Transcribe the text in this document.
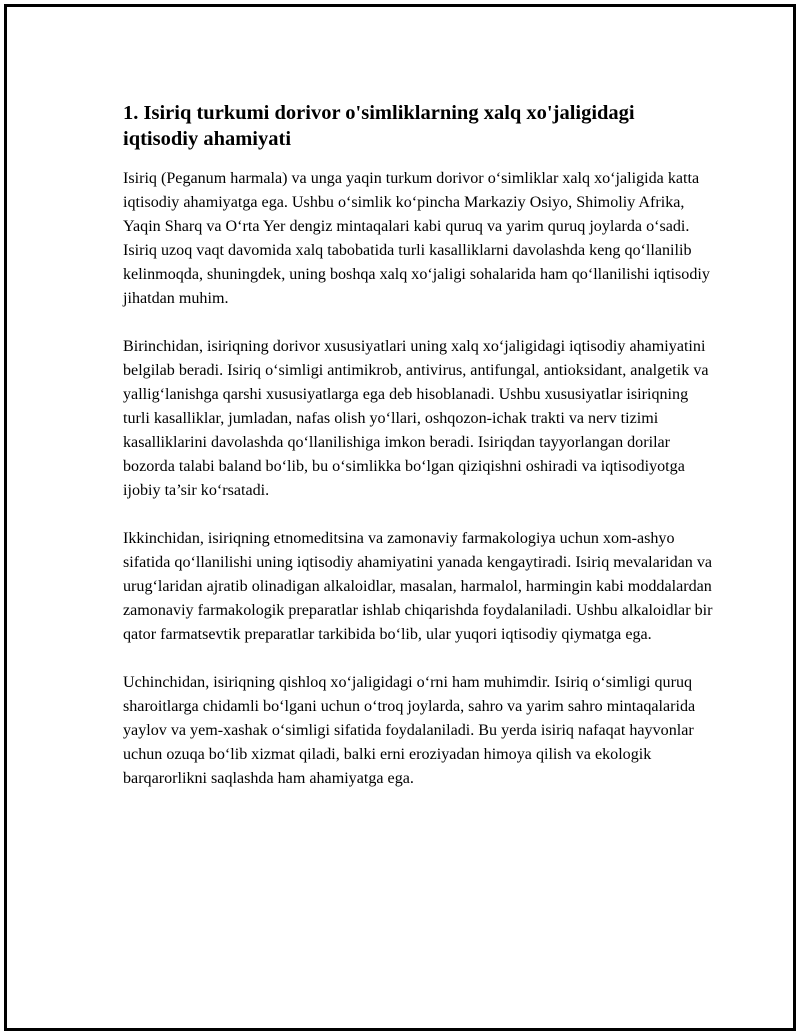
1. Isiriq turkumi dorivor o'simliklarning xalq xo'jaligidagi iqtisodiy ahamiyati

Isiriq (Peganum harmala) va unga yaqin turkum dorivor o‘simliklar xalq xo‘jaligida katta iqtisodiy ahamiyatga ega. Ushbu o‘simlik ko‘pincha Markaziy Osiyo, Shimoliy Afrika, Yaqin Sharq va O‘rta Yer dengiz mintaqalari kabi quruq va yarim quruq joylarda o‘sadi. Isiriq uzoq vaqt davomida xalq tabobatida turli kasalliklarni davolashda keng qo‘llanilib kelinmoqda, shuningdek, uning boshqa xalq xo‘jaligi sohalarida ham qo‘llanilishi iqtisodiy jihatdan muhim.

Birinchidan, isiriqning dorivor xususiyatlari uning xalq xo‘jaligidagi iqtisodiy ahamiyatini belgilab beradi. Isiriq o‘simligi antimikrob, antivirus, antifungal, antioksidant, analgetik va yallig‘lanishga qarshi xususiyatlarga ega deb hisoblanadi. Ushbu xususiyatlar isiriqning turli kasalliklar, jumladan, nafas olish yo‘llari, oshqozon-ichak trakti va nerv tizimi kasalliklarini davolashda qo‘llanilishiga imkon beradi. Isiriqdan tayyorlangan dorilar bozorda talabi baland bo‘lib, bu o‘simlikka bo‘lgan qiziqishni oshiradi va iqtisodiyotga ijobiy ta’sir ko‘rsatadi.

Ikkinchidan, isiriqning etnomeditsina va zamonaviy farmakologiya uchun xom-ashyo sifatida qo‘llanilishi uning iqtisodiy ahamiyatini yanada kengaytiradi. Isiriq mevalaridan va urug‘laridan ajratib olinadigan alkaloidlar, masalan, harmalol, harmingin kabi moddalardan zamonaviy farmakologik preparatlar ishlab chiqarishda foydalaniladi. Ushbu alkaloidlar bir qator farmatsevtik preparatlar tarkibida bo‘lib, ular yuqori iqtisodiy qiymatga ega.

Uchinchidan, isiriqning qishloq xo‘jaligidagi o‘rni ham muhimdir. Isiriq o‘simligi quruq sharoitlarga chidamli bo‘lgani uchun o‘troq joylarda, sahro va yarim sahro mintaqalarida yaylov va yem-xashak o‘simligi sifatida foydalaniladi. Bu yerda isiriq nafaqat hayvonlar uchun ozuqa bo‘lib xizmat qiladi, balki erni eroziyadan himoya qilish va ekologik barqarorlikni saqlashda ham ahamiyatga ega.
